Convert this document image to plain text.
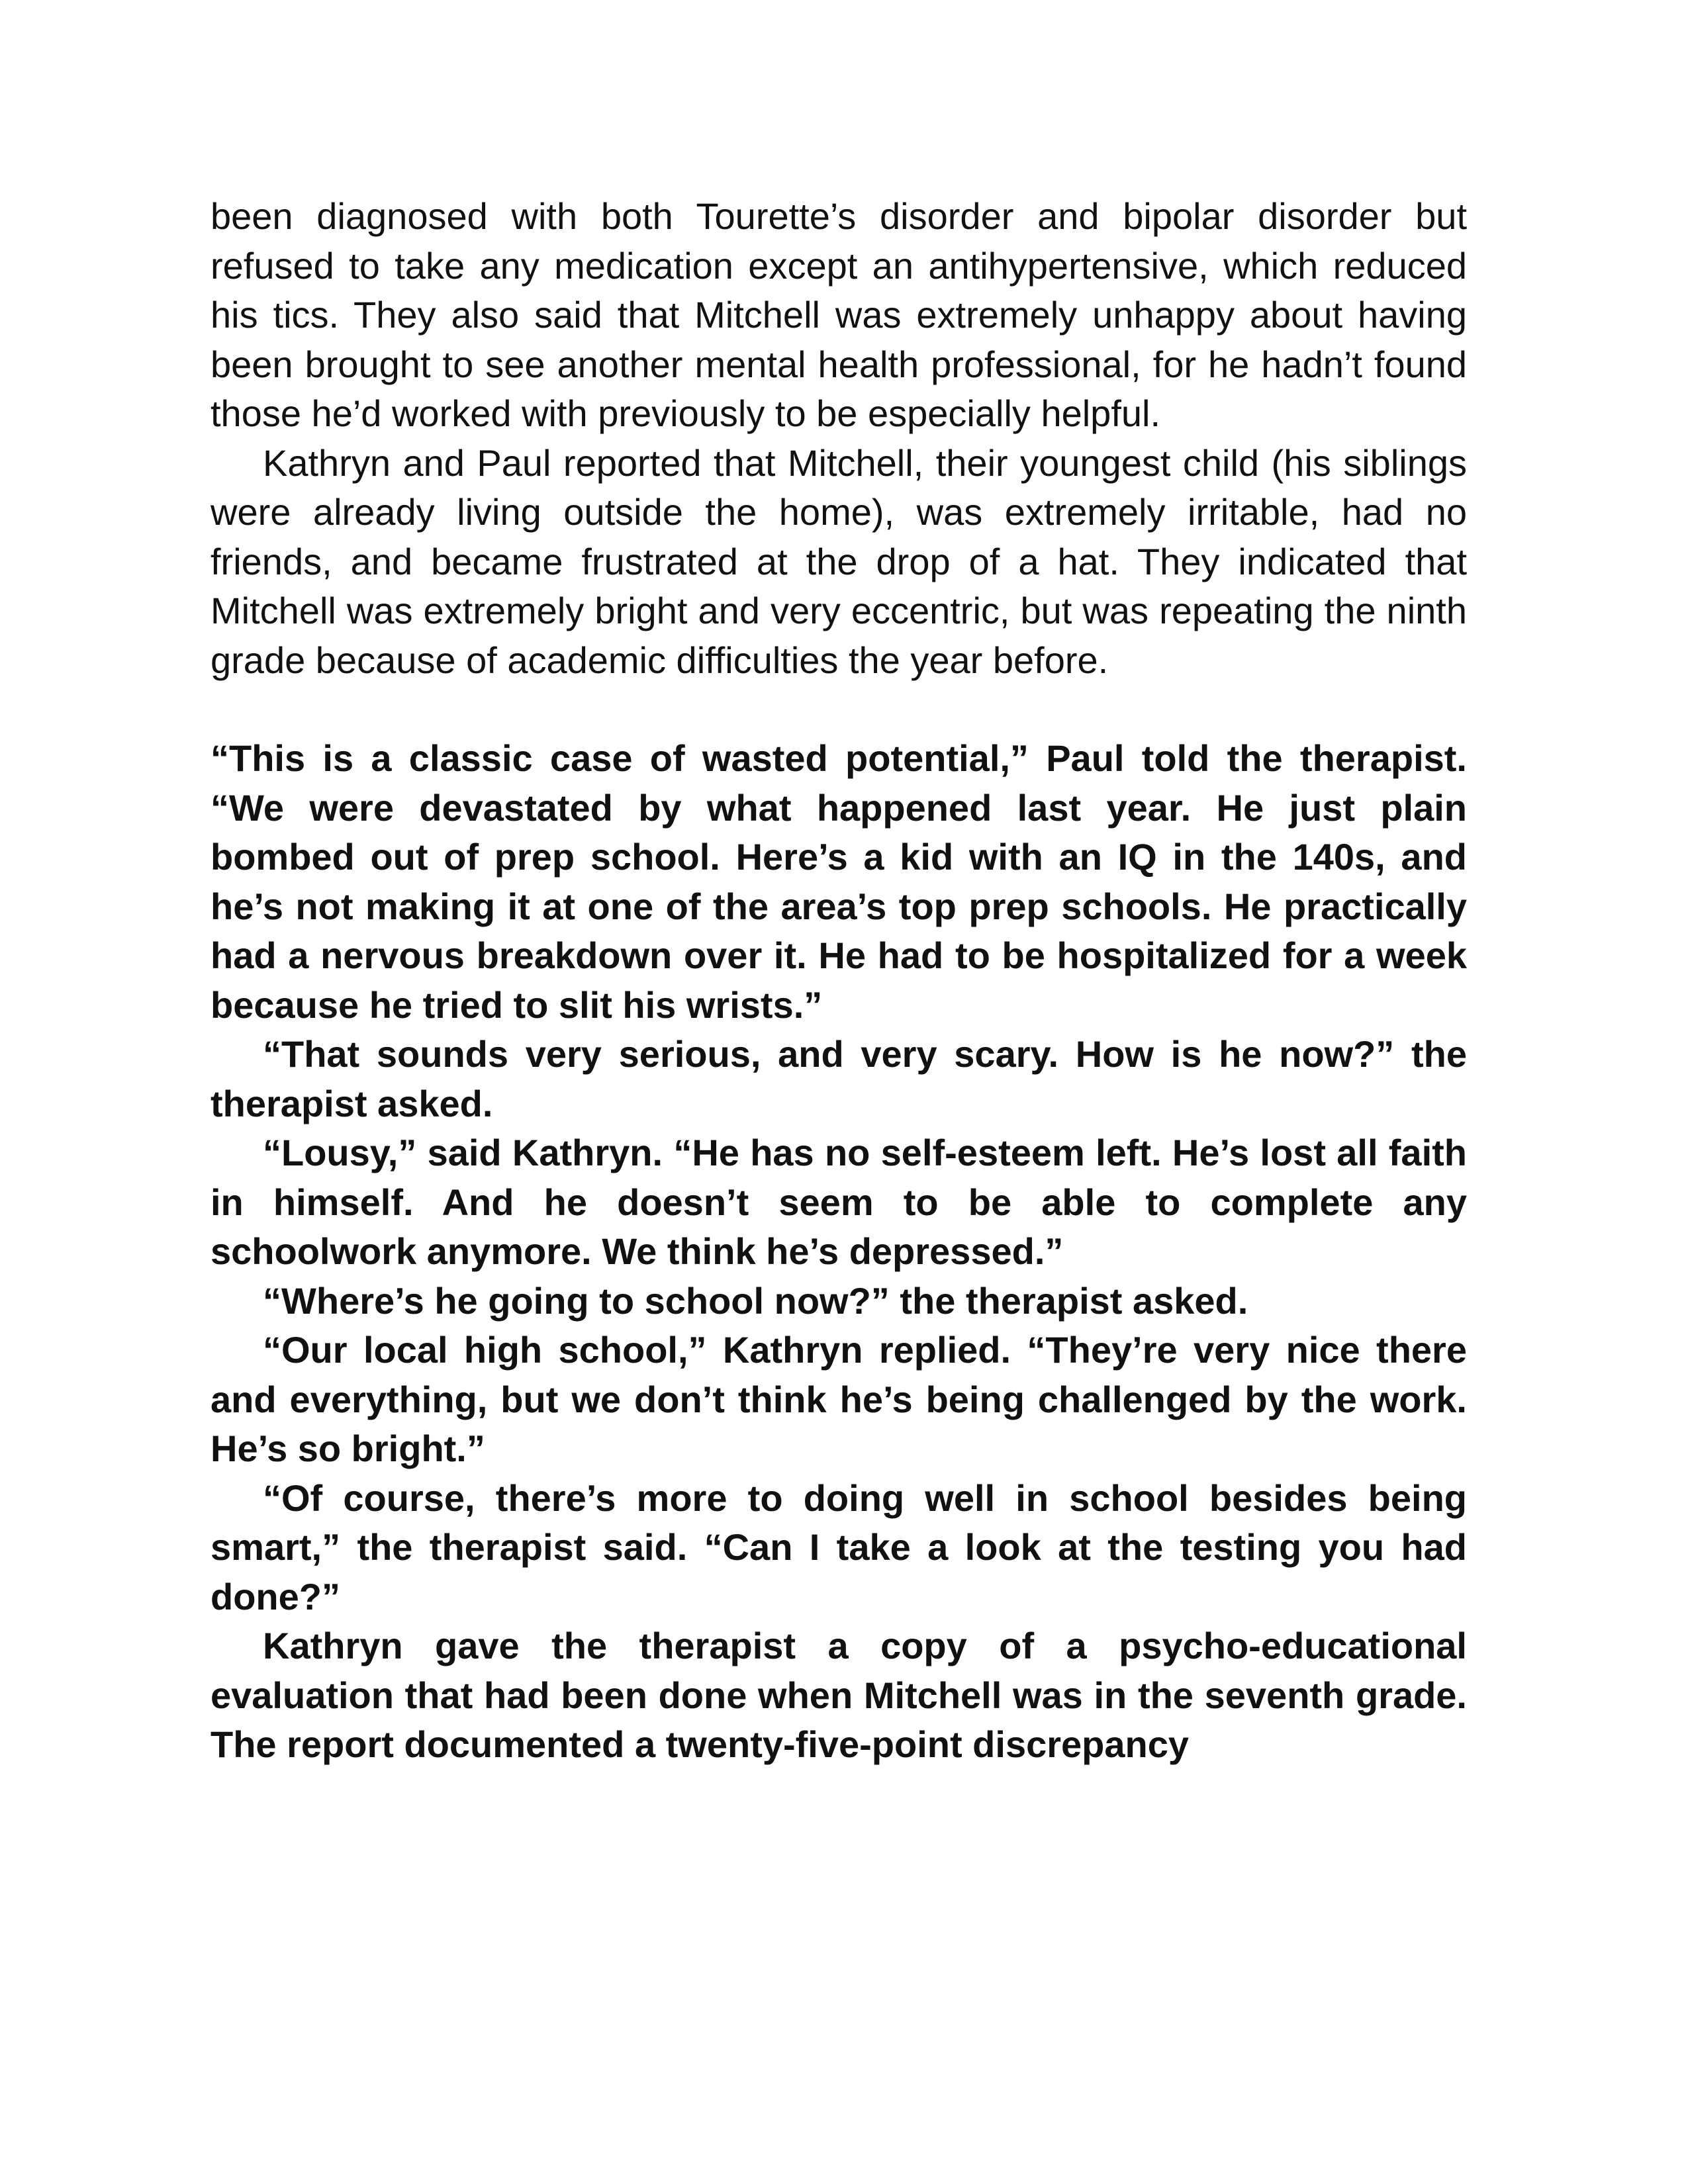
been diagnosed with both Tourette’s disorder and bipolar disorder but refused to take any medication except an antihypertensive, which reduced his tics. They also said that Mitchell was extremely unhappy about having been brought to see another mental health professional, for he hadn’t found those he’d worked with previously to be especially helpful.

Kathryn and Paul reported that Mitchell, their youngest child (his siblings were already living outside the home), was extremely irritable, had no friends, and became frustrated at the drop of a hat. They indicated that Mitchell was extremely bright and very eccentric, but was repeating the ninth grade because of academic difficulties the year before.

“This is a classic case of wasted potential,” Paul told the therapist. “We were devastated by what happened last year. He just plain bombed out of prep school. Here’s a kid with an IQ in the 140s, and he’s not making it at one of the area’s top prep schools. He practically had a nervous breakdown over it. He had to be hospitalized for a week because he tried to slit his wrists.”

“That sounds very serious, and very scary. How is he now?” the therapist asked.

“Lousy,” said Kathryn. “He has no self-esteem left. He’s lost all faith in himself. And he doesn’t seem to be able to complete any schoolwork anymore. We think he’s depressed.”

“Where’s he going to school now?” the therapist asked.

“Our local high school,” Kathryn replied. “They’re very nice there and everything, but we don’t think he’s being challenged by the work. He’s so bright.”

“Of course, there’s more to doing well in school besides being smart,” the therapist said. “Can I take a look at the testing you had done?”

Kathryn gave the therapist a copy of a psycho-educational evaluation that had been done when Mitchell was in the seventh grade. The report documented a twenty-five-point discrepancy
